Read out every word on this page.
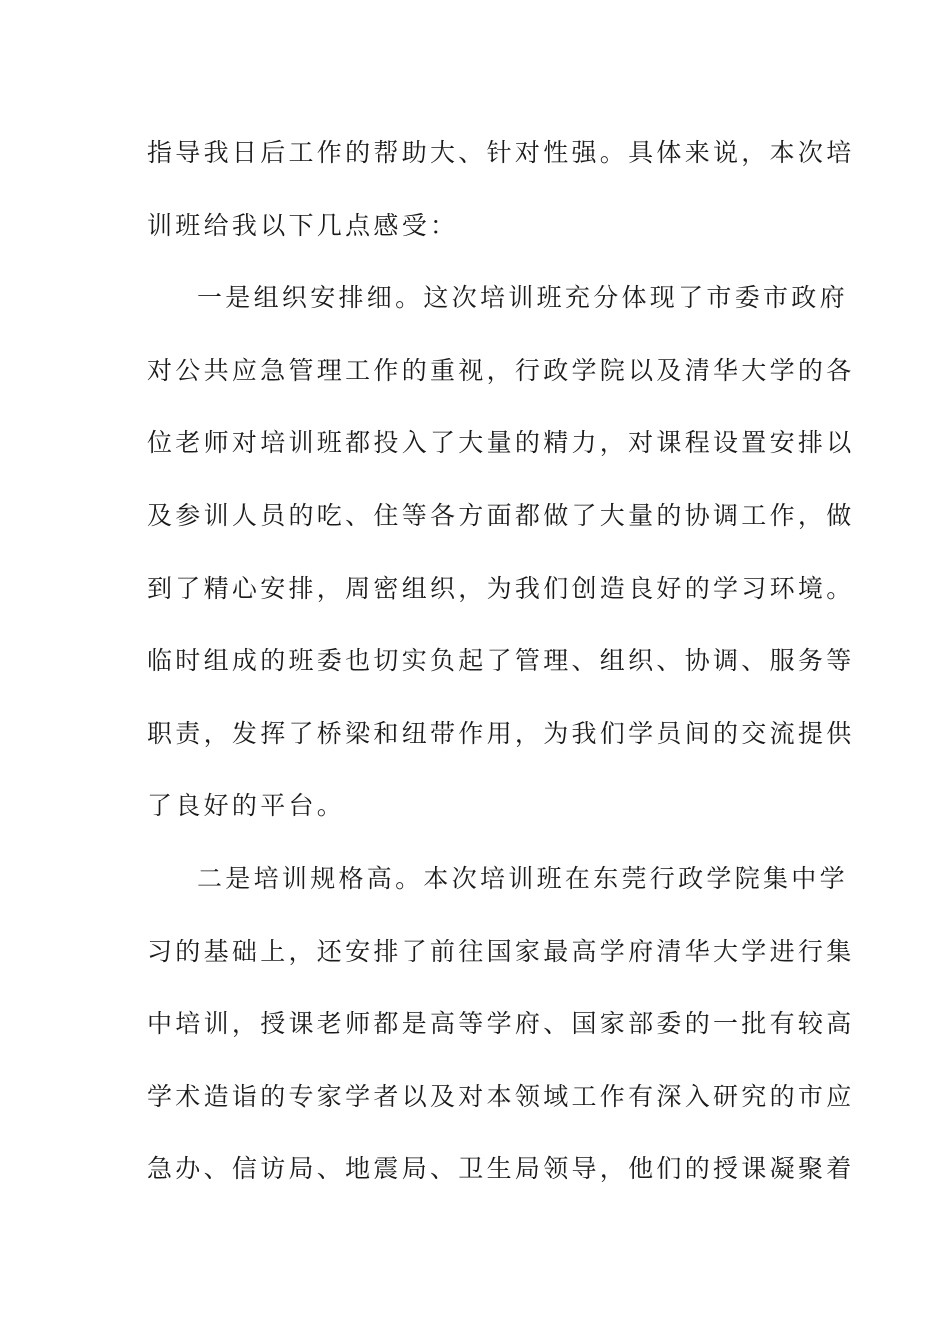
指导我日后工作的帮助大、针对性强。具体来说，本次培
训班给我以下几点感受：
一是组织安排细。这次培训班充分体现了市委市政府
对公共应急管理工作的重视，行政学院以及清华大学的各
位老师对培训班都投入了大量的精力，对课程设置安排以
及参训人员的吃、住等各方面都做了大量的协调工作，做
到了精心安排，周密组织，为我们创造良好的学习环境。
临时组成的班委也切实负起了管理、组织、协调、服务等
职责，发挥了桥梁和纽带作用，为我们学员间的交流提供
了良好的平台。
二是培训规格高。本次培训班在东莞行政学院集中学
习的基础上，还安排了前往国家最高学府清华大学进行集
中培训，授课老师都是高等学府、国家部委的一批有较高
学术造诣的专家学者以及对本领域工作有深入研究的市应
急办、信访局、地震局、卫生局领导，他们的授课凝聚着
